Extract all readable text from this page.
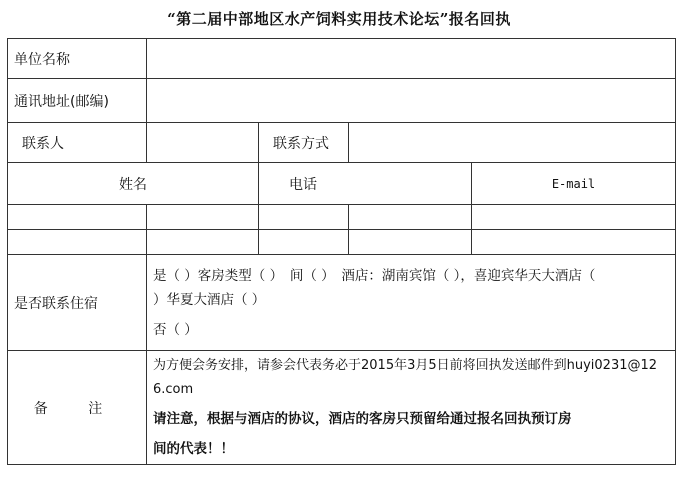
“第二届中部地区水产饲料实用技术论坛”报名回执
单位名称				
通讯地址(邮编)				
联系人		联系方式		
姓名		电话		E-mail

是否联系住宿	是（ ）客房类型（ ）　间（ ）　酒店：湖南宾馆（ ），喜迎宾华天大酒店（
）华夏大酒店（ ）
否（ ）			

备 注	为方便会务安排，请参会代表务必于2015年3月5日前将回执发送邮件到huyi0231@12
6.com
请注意，根据与酒店的协议，酒店的客房只预留给通过报名回执预订房
间的代表！！			
